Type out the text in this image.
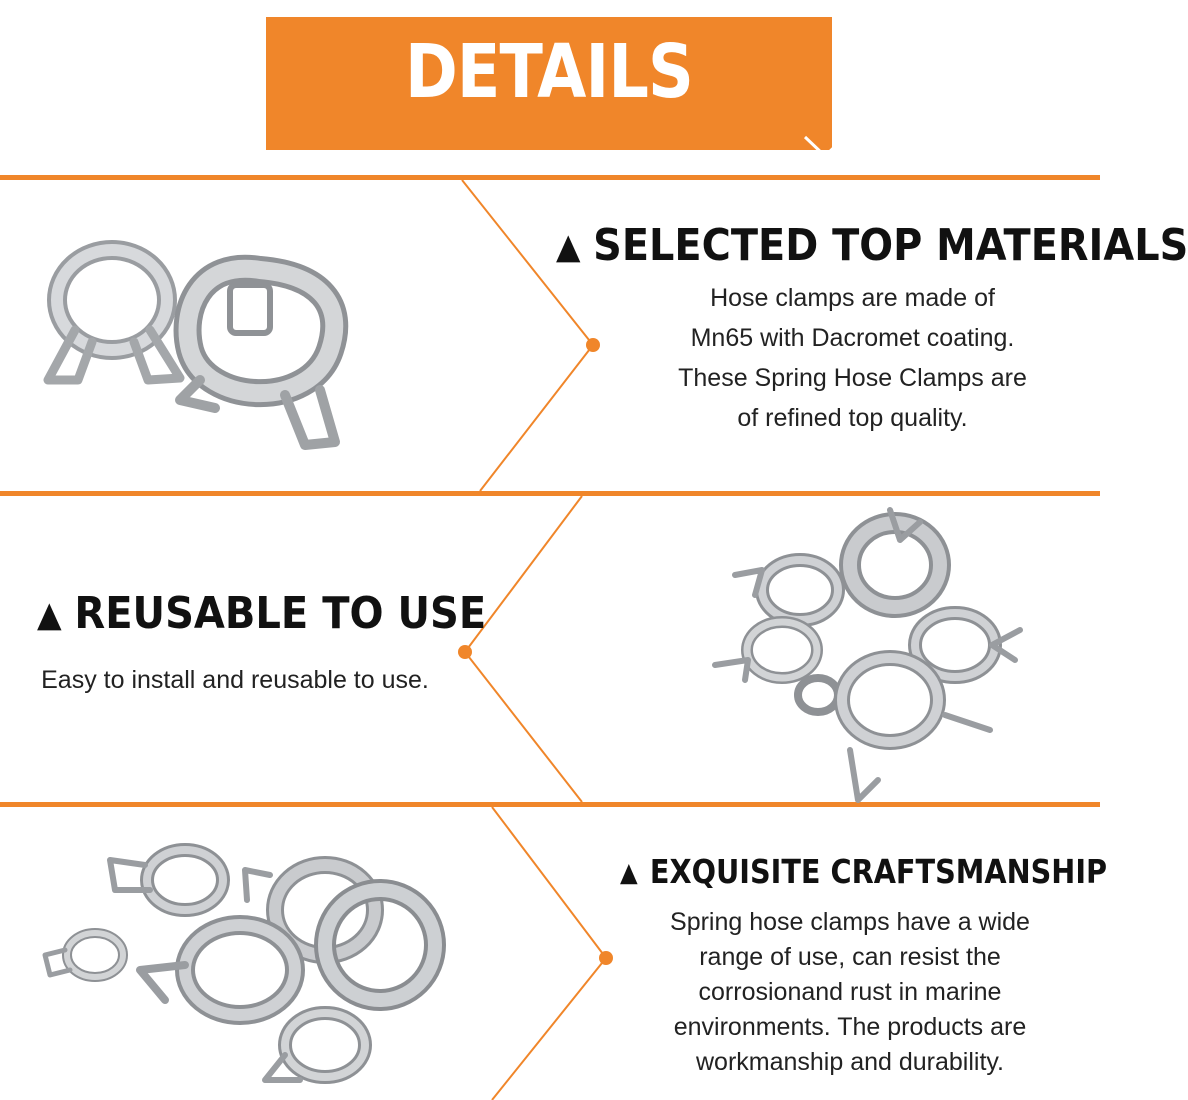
DETAILS
▲ SELECTED TOP MATERIALS
Hose clamps are made of
Mn65 with Dacromet coating.
These Spring Hose Clamps are
of refined top quality.
▲ REUSABLE TO USE
Easy to install and reusable to use.
▲ EXQUISITE CRAFTSMANSHIP
Spring hose clamps have a wide
range of use, can resist the
corrosionand rust in marine
environments. The products are
workmanship and durability.
